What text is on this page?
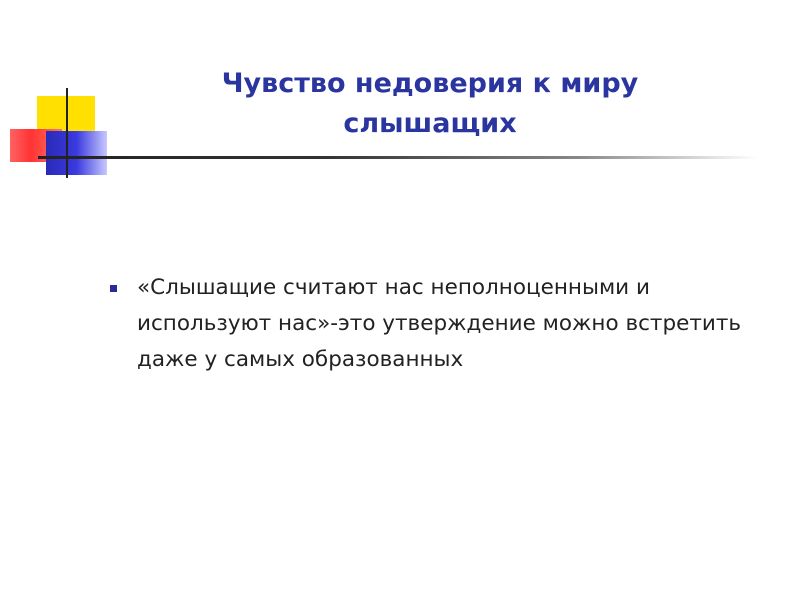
Чувство недоверия к миру слышащих
«Слышащие считают нас неполноценными и используют нас»-это утверждение можно встретить даже у самых образованных
